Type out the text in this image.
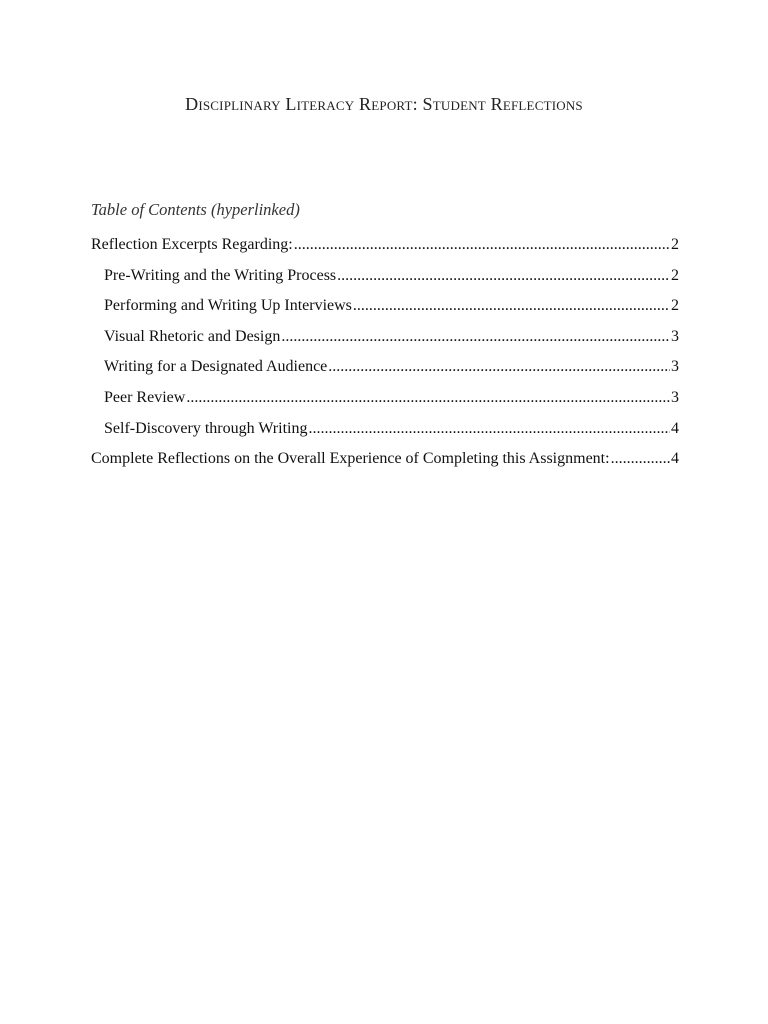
Disciplinary Literacy Report: Student Reflections
Table of Contents (hyperlinked)
Reflection Excerpts Regarding: .....	2
Pre-Writing and the Writing Process .....	2
Performing and Writing Up Interviews .....	2
Visual Rhetoric and Design .....	3
Writing for a Designated Audience .....	3
Peer Review .....	3
Self-Discovery through Writing .....	4
Complete Reflections on the Overall Experience of Completing this Assignment: .....	4
